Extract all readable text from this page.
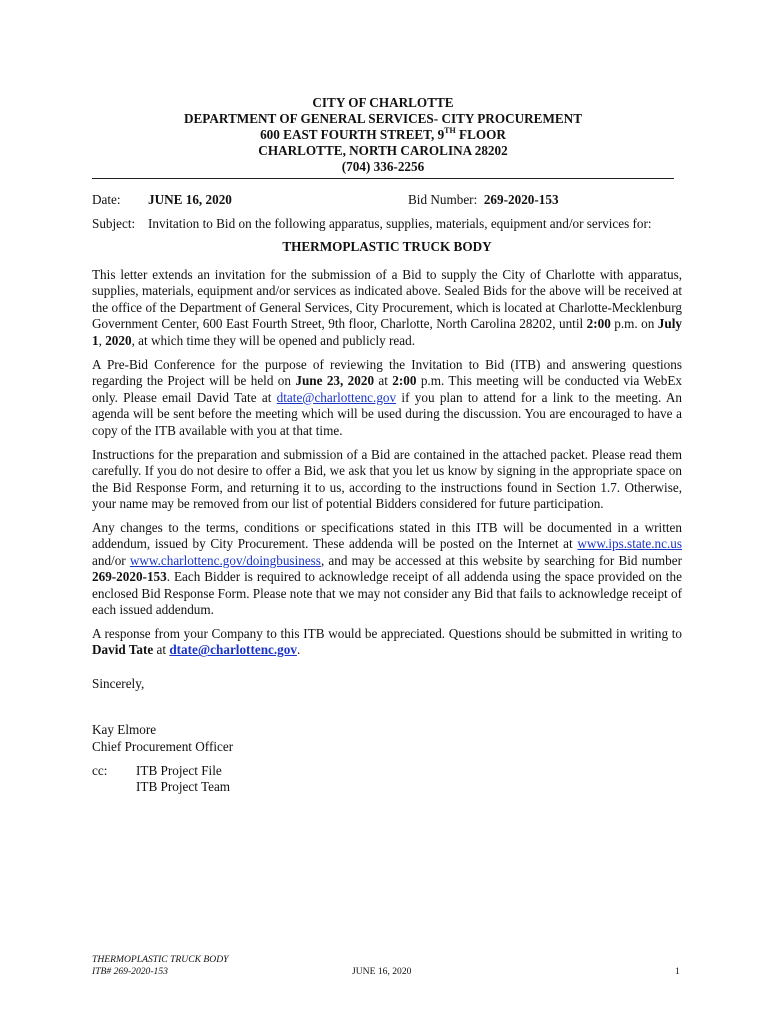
CITY OF CHARLOTTE
DEPARTMENT OF GENERAL SERVICES- CITY PROCUREMENT
600 EAST FOURTH STREET, 9TH FLOOR
CHARLOTTE, NORTH CAROLINA 28202
(704) 336-2256
Date: JUNE 16, 2020	Bid Number: 269-2020-153
Subject: Invitation to Bid on the following apparatus, supplies, materials, equipment and/or services for:
THERMOPLASTIC TRUCK BODY

This letter extends an invitation for the submission of a Bid to supply the City of Charlotte with apparatus, supplies, materials, equipment and/or services as indicated above. Sealed Bids for the above will be received at the office of the Department of General Services, City Procurement, which is located at Charlotte-Mecklenburg Government Center, 600 East Fourth Street, 9th floor, Charlotte, North Carolina 28202, until 2:00 p.m. on July 1, 2020, at which time they will be opened and publicly read.

A Pre-Bid Conference for the purpose of reviewing the Invitation to Bid (ITB) and answering questions regarding the Project will be held on June 23, 2020 at 2:00 p.m. This meeting will be conducted via WebEx only. Please email David Tate at dtate@charlottenc.gov if you plan to attend for a link to the meeting. An agenda will be sent before the meeting which will be used during the discussion. You are encouraged to have a copy of the ITB available with you at that time.

Instructions for the preparation and submission of a Bid are contained in the attached packet. Please read them carefully. If you do not desire to offer a Bid, we ask that you let us know by signing in the appropriate space on the Bid Response Form, and returning it to us, according to the instructions found in Section 1.7. Otherwise, your name may be removed from our list of potential Bidders considered for future participation.

Any changes to the terms, conditions or specifications stated in this ITB will be documented in a written addendum, issued by City Procurement. These addenda will be posted on the Internet at www.ips.state.nc.us and/or www.charlottenc.gov/doingbusiness, and may be accessed at this website by searching for Bid number 269-2020-153. Each Bidder is required to acknowledge receipt of all addenda using the space provided on the enclosed Bid Response Form. Please note that we may not consider any Bid that fails to acknowledge receipt of each issued addendum.

A response from your Company to this ITB would be appreciated. Questions should be submitted in writing to David Tate at dtate@charlottenc.gov.

Sincerely,
Kay Elmore
Chief Procurement Officer
cc: ITB Project File
ITB Project Team
THERMOPLASTIC TRUCK BODY
ITB# 269-2020-153	JUNE 16, 2020	1
